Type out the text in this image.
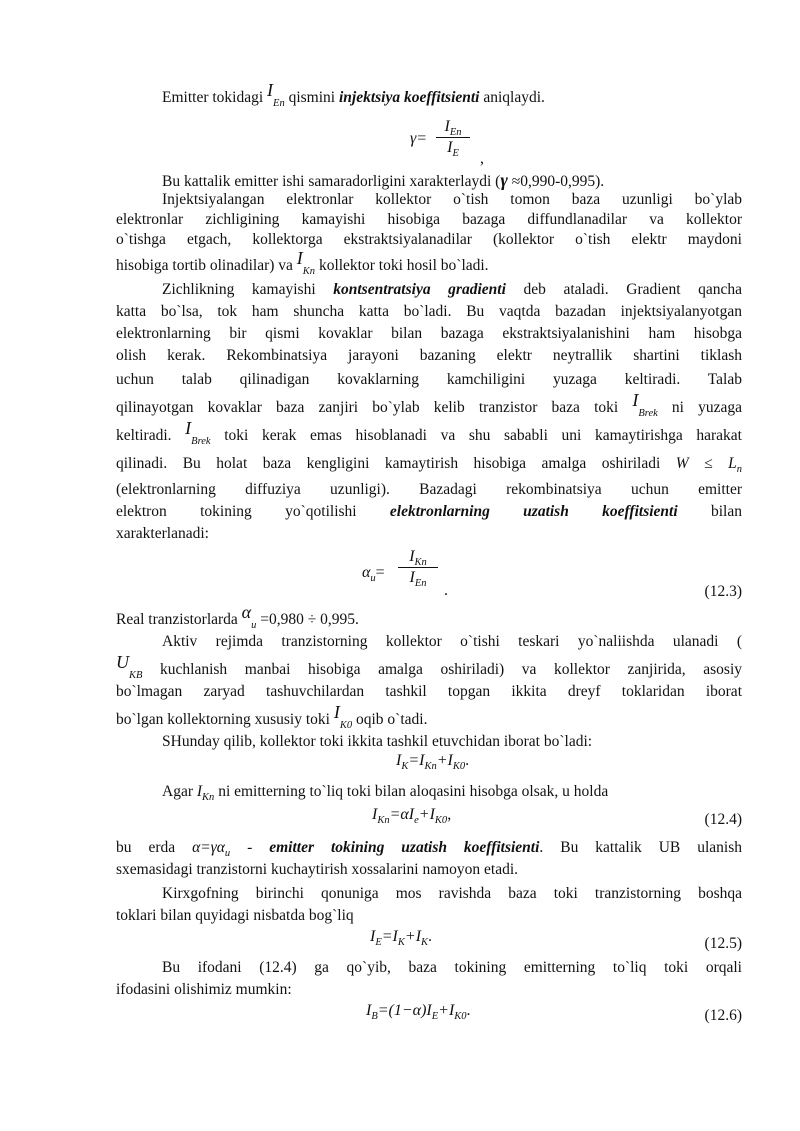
Emitter tokidagi $I_{En}$ qismini injektsiya koeffitsienti aniqlaydi.
γ=
$I_{En}$
$I_E$	,
Bu kattalik emitter ishi samaradorligini xarakterlaydi (γ ≈0,990-0,995).
Injektsiyalangan elektronlar kollektor o`tish tomon baza uzunligi bo`ylab
elektronlar zichligining kamayishi hisobiga bazaga diffundlanadilar va kollektor
o`tishga etgach, kollektorga ekstraktsiyalanadilar (kollektor o`tish elektr maydoni
hisobiga tortib olinadilar) va $I_{Kn}$ kollektor toki hosil bo`ladi.
Zichlikning kamayishi kontsentratsiya gradienti deb ataladi. Gradient qancha
katta bo`lsa, tok ham shuncha katta bo`ladi. Bu vaqtda bazadan injektsiyalanyotgan
elektronlarning bir qismi kovaklar bilan bazaga ekstraktsiyalanishini ham hisobga
olish kerak. Rekombinatsiya jarayoni bazaning elektr neytrallik shartini tiklash
uchun talab qilinadigan kovaklarning kamchiligini yuzaga keltiradi. Talab
qilinayotgan kovaklar baza zanjiri bo`ylab kelib tranzistor baza toki $I_{Brek}$ ni yuzaga
keltiradi. $I_{Brek}$ toki kerak emas hisoblanadi va shu sababli uni kamaytirishga harakat
qilinadi. Bu holat baza kengligini kamaytirish hisobiga amalga oshiriladi $W \le L_n$
(elektronlarning diffuziya uzunligi). Bazadagi rekombinatsiya uchun emitter
elektron tokining yo`qotilishi elektronlarning uzatish koeffitsienti bilan
xarakterlanadi:
$\alpha_u=$
$I_{Kn}$
$I_{En}$	.	(12.3)
Real tranzistorlarda $\alpha_u =0,980 \div 0,995$.
Aktiv rejimda tranzistorning kollektor o`tishi teskari yo`naliishda ulanadi (
$U_{KB}$ kuchlanish manbai hisobiga amalga oshiriladi) va kollektor zanjirida, asosiy
bo`lmagan zaryad tashuvchilardan tashkil topgan ikkita dreyf toklaridan iborat
bo`lgan kollektorning xususiy toki $I_{K0}$ oqib o`tadi.
SHunday qilib, kollektor toki ikkita tashkil etuvchidan iborat bo`ladi:
$I_K=I_{Kn}+I_{K0}$.
Agar $I_{Kn}$ ni emitterning to`liq toki bilan aloqasini hisobga olsak, u holda
$I_{Kn}=\alpha I_e+I_{K0}$,	(12.4)
bu erda $\alpha=\gamma\alpha_u$ - emitter tokining uzatish koeffitsienti. Bu kattalik UB ulanish
sxemasidagi tranzistorni kuchaytirish xossalarini namoyon etadi.
Kirxgofning birinchi qonuniga mos ravishda baza toki tranzistorning boshqa
toklari bilan quyidagi nisbatda bog`liq
$I_E=I_K+I_K$.	(12.5)
Bu ifodani (12.4) ga qo`yib, baza tokining emitterning to`liq toki orqali
ifodasini olishimiz mumkin:
$I_B=(1-\alpha)I_E+I_{K0}$.	(12.6)
